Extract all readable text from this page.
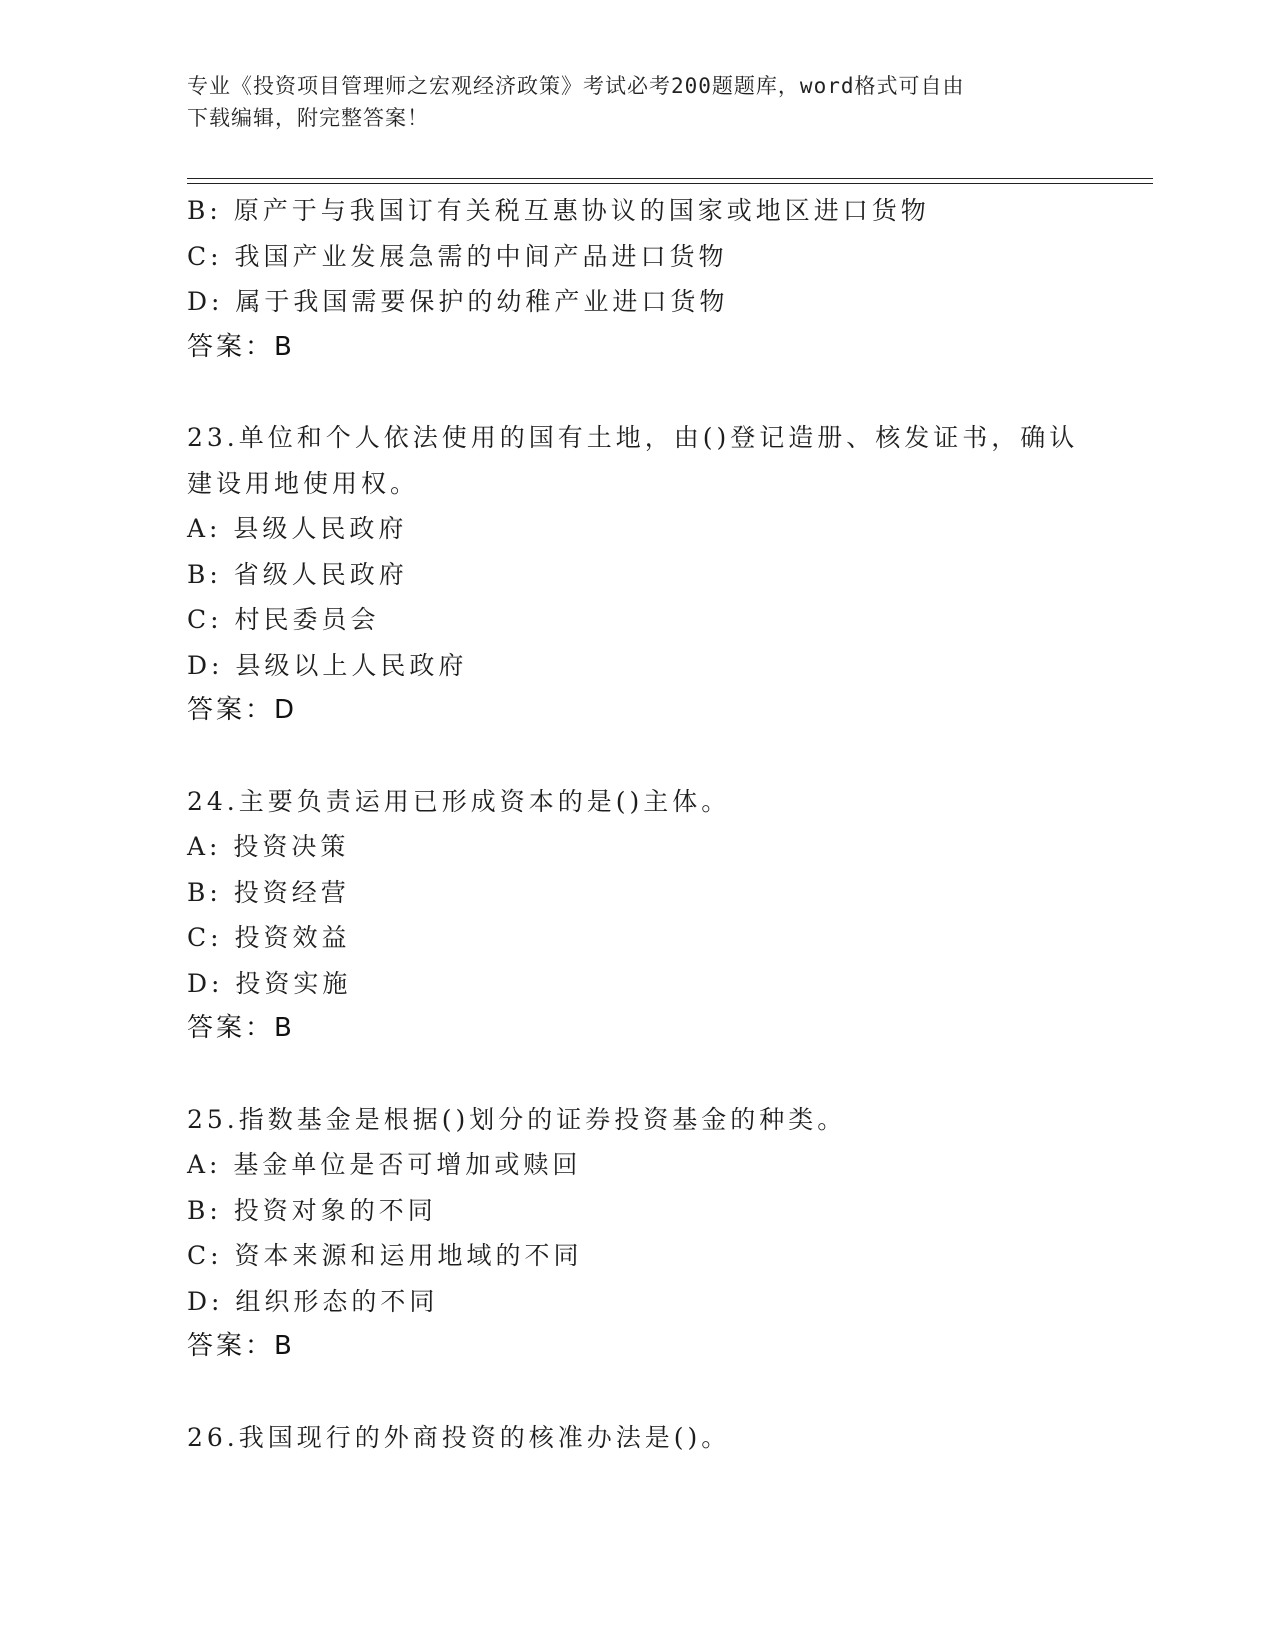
专业《投资项目管理师之宏观经济政策》考试必考200题题库，word格式可自由
下载编辑，附完整答案！
B: 原产于与我国订有关税互惠协议的国家或地区进口货物
C: 我国产业发展急需的中间产品进口货物
D: 属于我国需要保护的幼稚产业进口货物
答案：B
23.单位和个人依法使用的国有土地，由()登记造册、核发证书，确认
建设用地使用权。
A: 县级人民政府
B: 省级人民政府
C: 村民委员会
D: 县级以上人民政府
答案：D
24.主要负责运用已形成资本的是()主体。
A: 投资决策
B: 投资经营
C: 投资效益
D: 投资实施
答案：B
25.指数基金是根据()划分的证券投资基金的种类。
A: 基金单位是否可增加或赎回
B: 投资对象的不同
C: 资本来源和运用地域的不同
D: 组织形态的不同
答案：B
26.我国现行的外商投资的核准办法是()。
